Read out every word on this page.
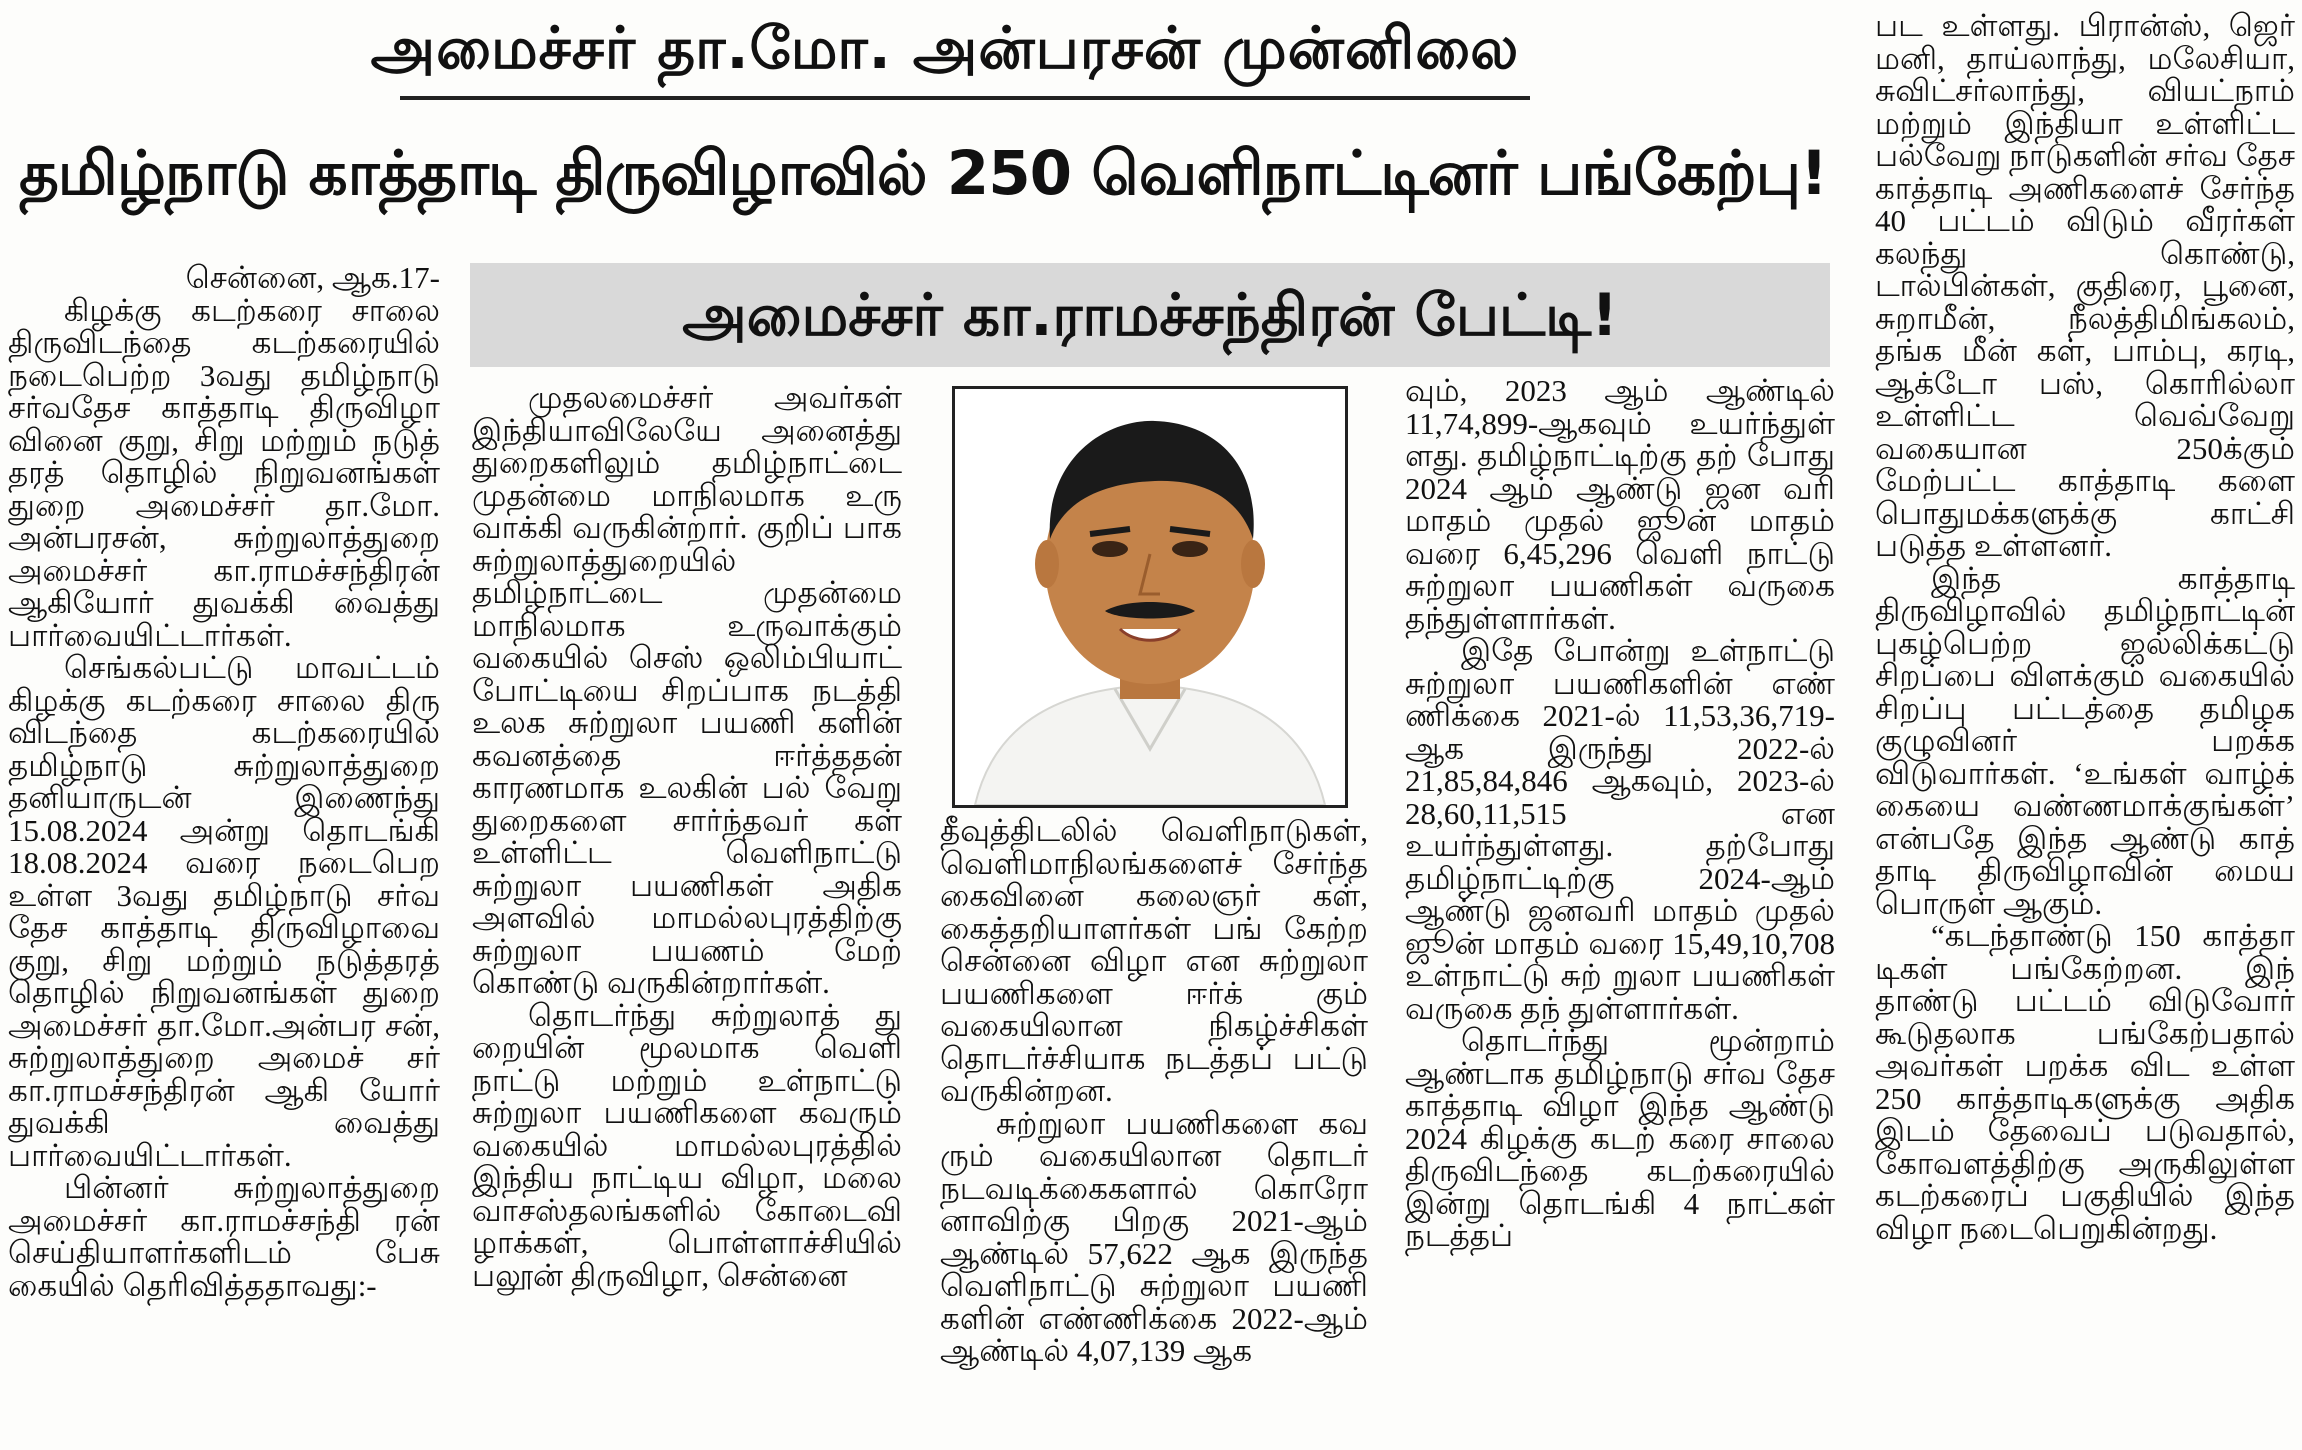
அமைச்சர் தா.மோ. அன்பரசன் முன்னிலை
தமிழ்நாடு காத்தாடி திருவிழாவில் 250 வெளிநாட்டினர் பங்கேற்பு!
அமைச்சர் கா.ராமச்சந்திரன் பேட்டி!

சென்னை, ஆக.17-

கிழக்கு கடற்கரை சாலை திருவிடந்தை கடற்கரையில் நடைபெற்ற 3வது தமிழ்நாடு சர்வதேச காத்தாடி திருவிழா வினை குறு, சிறு மற்றும் நடுத் தரத் தொழில் நிறுவனங்கள் துறை அமைச்சர் தா.மோ. அன்பரசன், சுற்றுலாத்துறை அமைச்சர் கா.ராமச்சந்திரன் ஆகியோர் துவக்கி வைத்து பார்வையிட்டார்கள்.

செங்கல்பட்டு மாவட்டம் கிழக்கு கடற்கரை சாலை திரு விடந்தை கடற்கரையில் தமிழ்நாடு சுற்றுலாத்துறை தனியாருடன் இணைந்து 15.08.2024 அன்று தொடங்கி 18.08.2024 வரை நடைபெற உள்ள 3வது தமிழ்நாடு சர்வ தேச காத்தாடி திருவிழாவை குறு, சிறு மற்றும் நடுத்தரத் தொழில் நிறுவனங்கள் துறை அமைச்சர் தா.மோ.அன்பர சன், சுற்றுலாத்துறை அமைச் சர் கா.ராமச்சந்திரன் ஆகி யோர் துவக்கி வைத்து பார்வையிட்டார்கள்.

பின்னர் சுற்றுலாத்துறை அமைச்சர் கா.ராமச்சந்தி ரன் செய்தியாளர்களிடம் பேசு கையில் தெரிவித்ததாவது:-

முதலமைச்சர் அவர்கள் இந்தியாவிலேயே அனைத்து துறைகளிலும் தமிழ்நாட்டை முதன்மை மாநிலமாக உரு வாக்கி வருகின்றார். குறிப் பாக சுற்றுலாத்துறையில் தமிழ்நாட்டை முதன்மை மாநிலமாக உருவாக்கும் வகையில் செஸ் ஒலிம்பியாட் போட்டியை சிறப்பாக நடத்தி உலக சுற்றுலா பயணி களின் கவனத்தை ஈர்த்ததன் காரணமாக உலகின் பல் வேறு துறைகளை சார்ந்தவர் கள் உள்ளிட்ட வெளிநாட்டு சுற்றுலா பயணிகள் அதிக அளவில் மாமல்லபுரத்திற்கு சுற்றுலா பயணம் மேற் கொண்டு வருகின்றார்கள்.

தொடர்ந்து சுற்றுலாத் து றையின் மூலமாக வெளி நாட்டு மற்றும் உள்நாட்டு சுற்றுலா பயணிகளை கவரும் வகையில் மாமல்லபுரத்தில் இந்திய நாட்டிய விழா, மலை வாசஸ்தலங்களில் கோடைவி ழாக்கள், பொள்ளாச்சியில் பலூன் திருவிழா, சென்னை

தீவுத்திடலில் வெளிநாடுகள், வெளிமாநிலங்களைச் சேர்ந்த கைவினை கலைஞர் கள், கைத்தறியாளர்கள் பங் கேற்ற சென்னை விழா என சுற்றுலா பயணிகளை ஈர்க் கும் வகையிலான நிகழ்ச்சிகள் தொடர்ச்சியாக நடத்தப் பட்டு வருகின்றன.

சுற்றுலா பயணிகளை கவ ரும் வகையிலான தொடர் நடவடிக்கைகளால் கொரோ னாவிற்கு பிறகு 2021-ஆம் ஆண்டில் 57,622 ஆக இருந்த வெளிநாட்டு சுற்றுலா பயணி களின் எண்ணிக்கை 2022-ஆம் ஆண்டில் 4,07,139 ஆக

வும், 2023 ஆம் ஆண்டில் 11,74,899-ஆகவும் உயர்ந்துள் ளது. தமிழ்நாட்டிற்கு தற் போது 2024 ஆம் ஆண்டு ஜன வரி மாதம் முதல் ஜூன் மாதம் வரை 6,45,296 வெளி நாட்டு சுற்றுலா பயணிகள் வருகை தந்துள்ளார்கள்.

இதே போன்று உள்நாட்டு சுற்றுலா பயணிகளின் எண் ணிக்கை 2021-ல் 11,53,36,719-ஆக இருந்து 2022-ல் 21,85,84,846 ஆகவும், 2023-ல் 28,60,11,515 என உயர்ந்துள்ளது. தற்போது தமிழ்நாட்டிற்கு 2024-ஆம் ஆண்டு ஜனவரி மாதம் முதல் ஜூன் மாதம் வரை 15,49,10,708 உள்நாட்டு சுற் றுலா பயணிகள் வருகை தந் துள்ளார்கள்.

தொடர்ந்து மூன்றாம் ஆண்டாக தமிழ்நாடு சர்வ தேச காத்தாடி விழா இந்த ஆண்டு 2024 கிழக்கு கடற் கரை சாலை திருவிடந்தை கடற்கரையில் இன்று தொடங்கி 4 நாட்கள் நடத்தப்

பட உள்ளது. பிரான்ஸ், ஜெர் மனி, தாய்லாந்து, மலேசியா, சுவிட்சர்லாந்து, வியட்நாம் மற்றும் இந்தியா உள்ளிட்ட பல்வேறு நாடுகளின் சர்வ தேச காத்தாடி அணிகளைச் சேர்ந்த 40 பட்டம் விடும் வீரர்கள் கலந்து கொண்டு, டால்பின்கள், குதிரை, பூனை, சுறாமீன், நீலத்திமிங்கலம், தங்க மீன் கள், பாம்பு, கரடி, ஆக்டோ பஸ், கொரில்லா உள்ளிட்ட வெவ்வேறு வகையான 250க்கும் மேற்பட்ட காத்தாடி களை பொதுமக்களுக்கு காட்சி படுத்த உள்ளனர்.

இந்த காத்தாடி திருவிழாவில் தமிழ்நாட்டின் புகழ்பெற்ற ஜல்லிக்கட்டு சிறப்பை விளக்கும் வகையில் சிறப்பு பட்டத்தை தமிழக குழுவினர் பறக்க விடுவார்கள். ‘உங்கள் வாழ்க் கையை வண்ணமாக்குங்கள்’ என்பதே இந்த ஆண்டு காத் தாடி திருவிழாவின் மைய பொருள் ஆகும்.

“கடந்தாண்டு 150 காத்தா டிகள் பங்கேற்றன. இந் தாண்டு பட்டம் விடுவோர் கூடுதலாக பங்கேற்பதால் அவர்கள் பறக்க விட உள்ள 250 காத்தாடிகளுக்கு அதிக இடம் தேவைப் படுவதால், கோவளத்திற்கு அருகிலுள்ள கடற்கரைப் பகுதியில் இந்த விழா நடைபெறுகின்றது.
